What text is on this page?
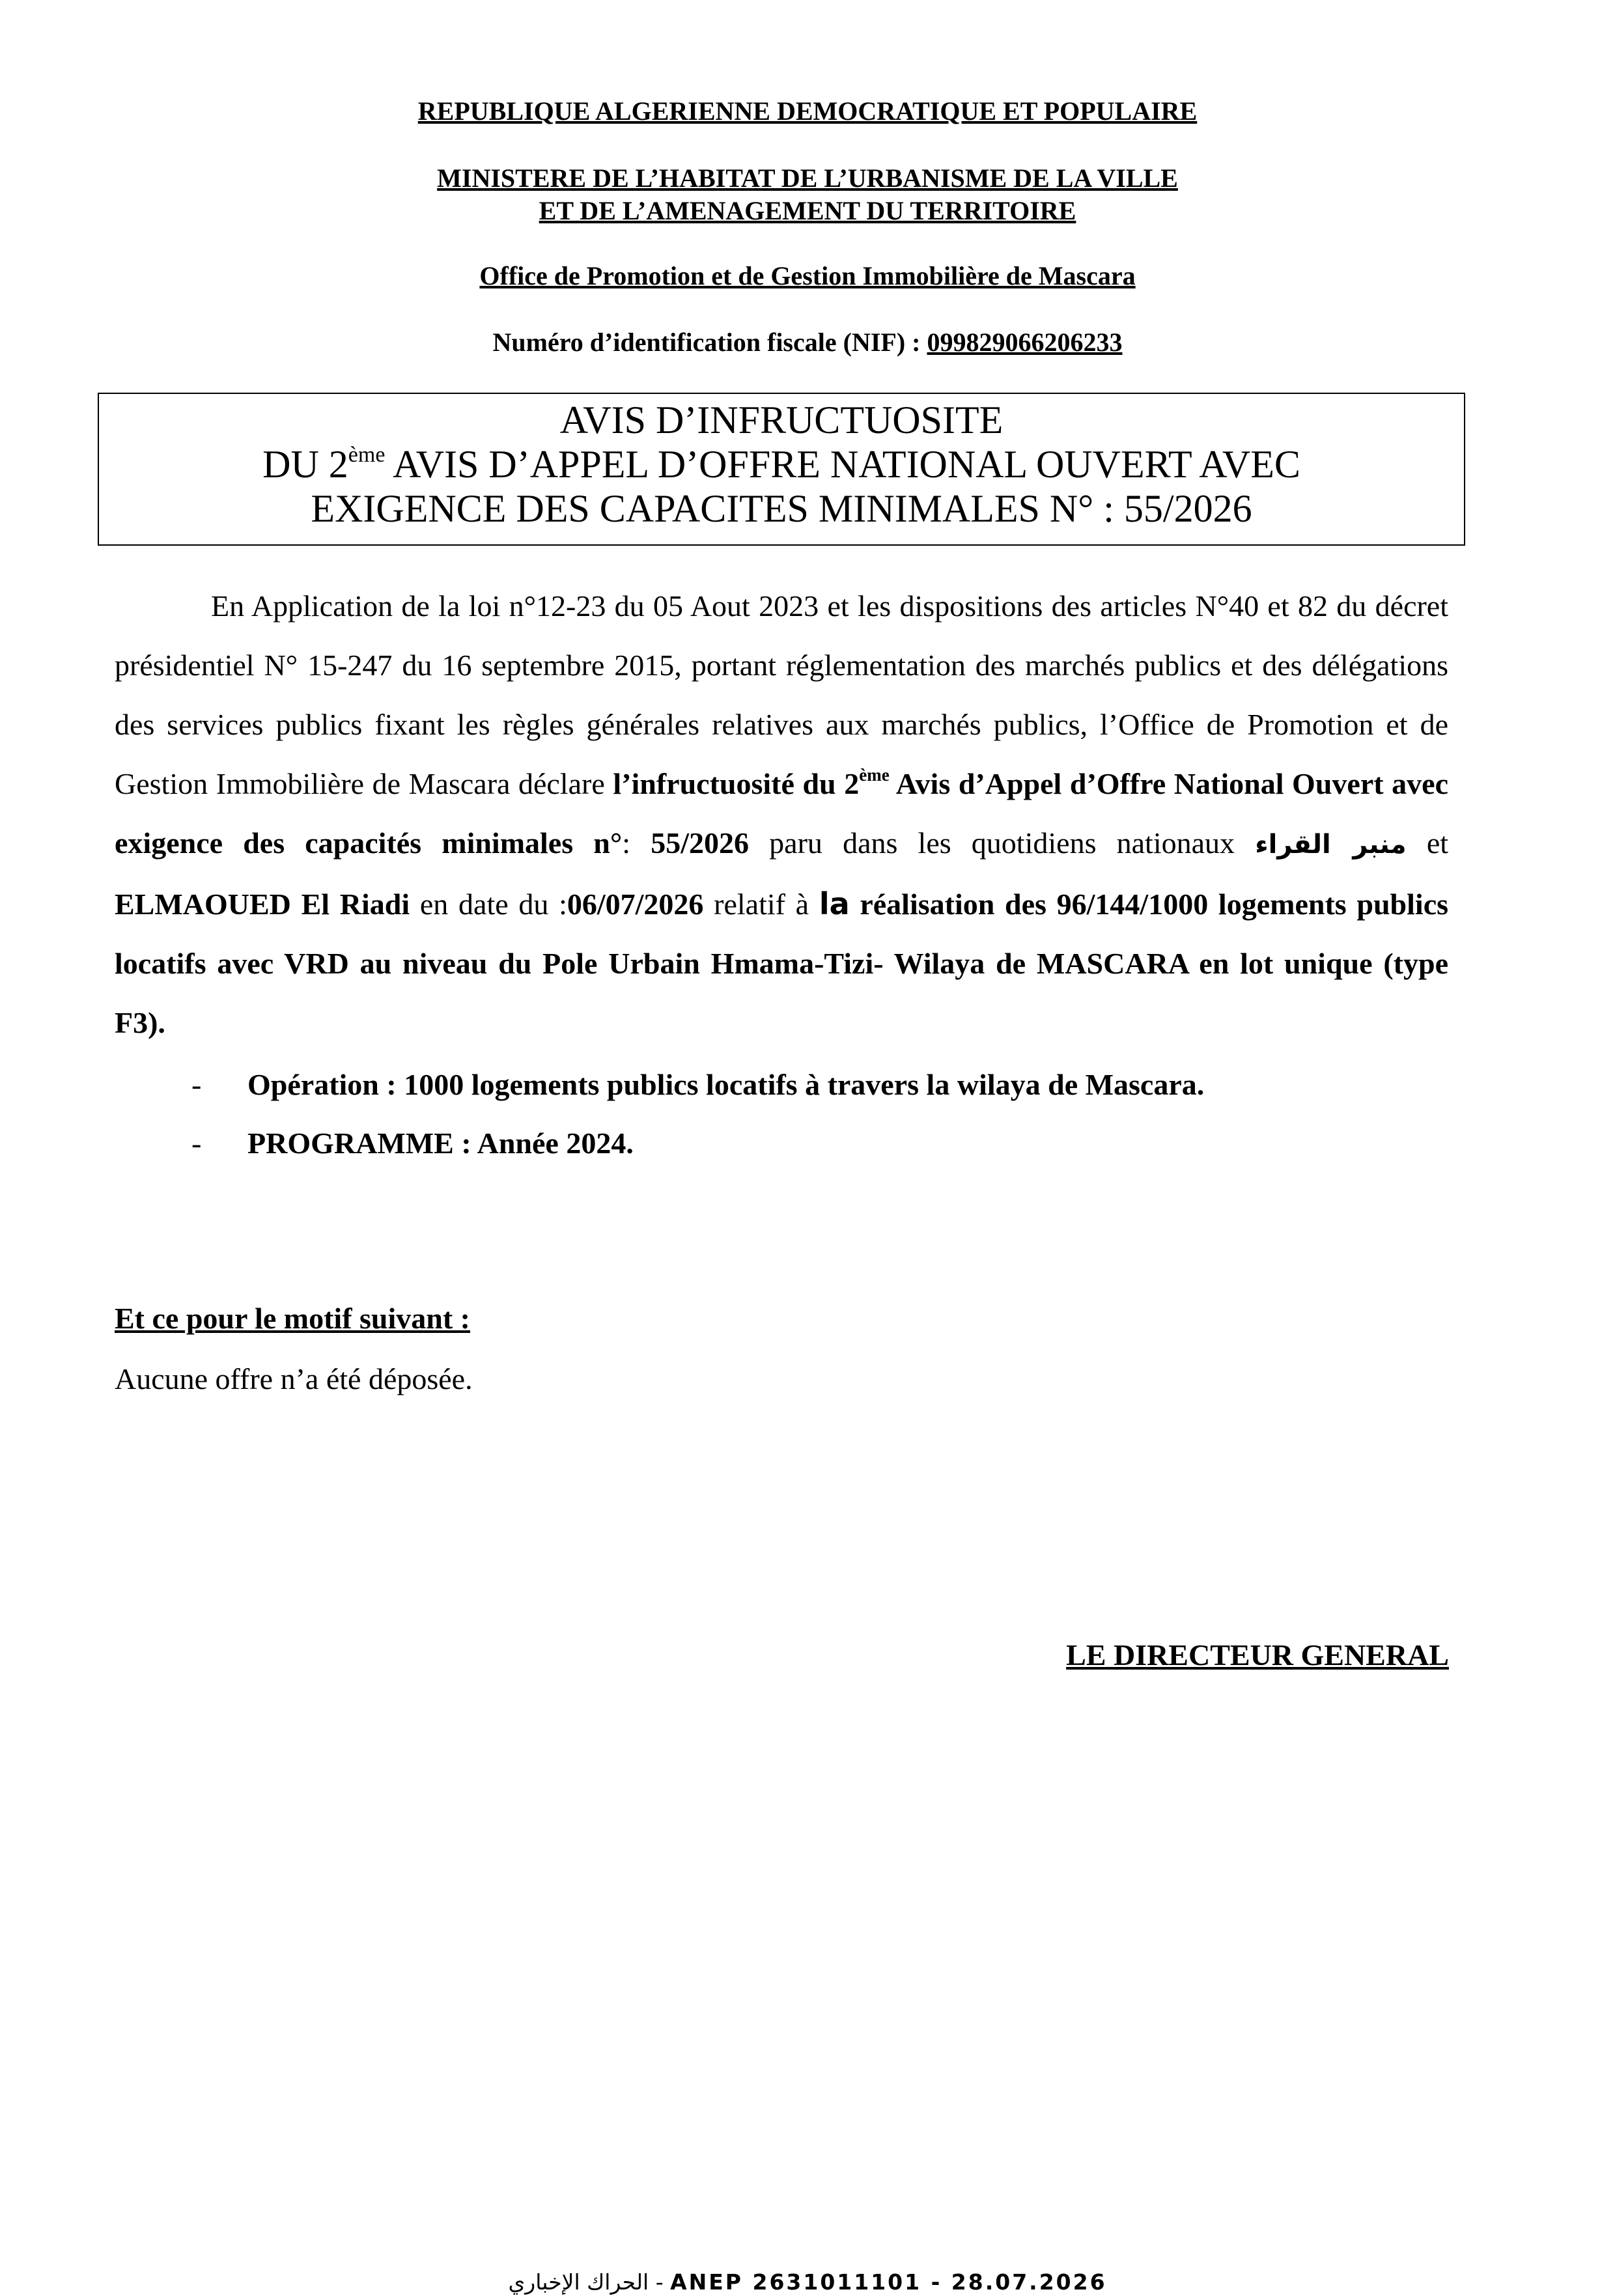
REPUBLIQUE ALGERIENNE DEMOCRATIQUE ET POPULAIRE
MINISTERE DE L’HABITAT DE L’URBANISME DE LA VILLE
ET DE L’AMENAGEMENT DU TERRITOIRE
Office de Promotion et de Gestion Immobilière de Mascara
Numéro d’identification fiscale (NIF) : 099829066206233
AVIS D’INFRUCTUOSITE
DU 2ème AVIS D’APPEL D’OFFRE NATIONAL OUVERT AVEC
EXIGENCE DES CAPACITES MINIMALES N° : 55/2026

En Application de la loi n°12-23 du 05 Aout 2023 et les dispositions des articles N°40 et 82 du décret présidentiel N° 15-247 du 16 septembre 2015, portant réglementation des marchés publics et des délégations des services publics fixant les règles générales relatives aux marchés publics, l’Office de Promotion et de Gestion Immobilière de Mascara déclare l’infructuosité du 2ème Avis d’Appel d’Offre National Ouvert avec exigence des capacités minimales n°: 55/2026 paru dans les quotidiens nationaux منبر القراء et ELMAOUED El Riadi en date du :06/07/2026 relatif à la réalisation des 96/144/1000 logements publics locatifs avec VRD au niveau du Pole Urbain Hmama-Tizi- Wilaya de MASCARA en lot unique (type F3).

- Opération : 1000 logements publics locatifs à travers la wilaya de Mascara.
- PROGRAMME : Année 2024.
Et ce pour le motif suivant :
Aucune offre n’a été déposée.
LE DIRECTEUR GENERAL
الحراك الإخباري - ANEP 2631011101 - 28.07.2026
